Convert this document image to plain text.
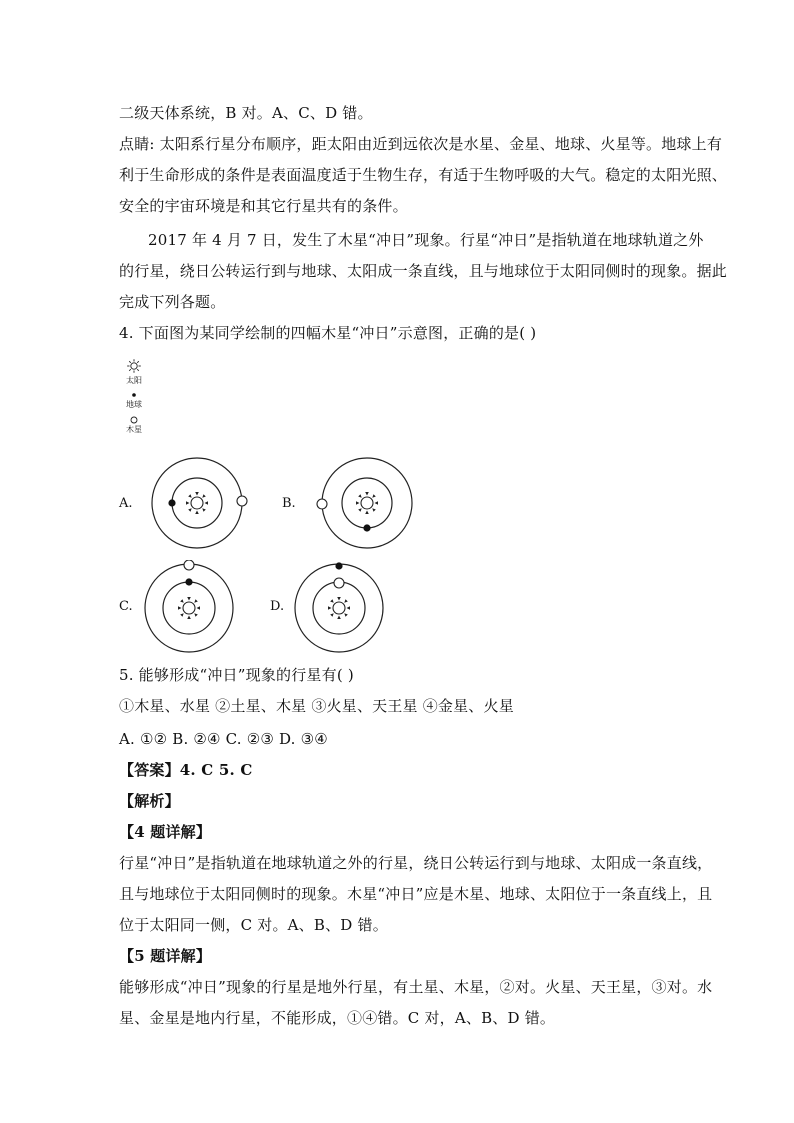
二级天体系统，B 对。A、C、D 错。
点睛: 太阳系行星分布顺序，距太阳由近到远依次是水星、金星、地球、火星等。地球上有
利于生命形成的条件是表面温度适于生物生存，有适于生物呼吸的大气。稳定的太阳光照、
安全的宇宙环境是和其它行星共有的条件。
2017 年 4 月 7 日，发生了木星“冲日”现象。行星“冲日”是指轨道在地球轨道之外
的行星，绕日公转运行到与地球、太阳成一条直线，且与地球位于太阳同侧时的现象。据此
完成下列各题。
4. 下面图为某同学绘制的四幅木星“冲日”示意图，正确的是( )
太阳
地球
木星
A.	B.
C.	D.
5. 能够形成“冲日”现象的行星有( )
①木星、水星 ②土星、木星 ③火星、天王星 ④金星、火星
A. ①② B. ②④ C. ②③ D. ③④
【答案】4. C 5. C
【解析】
【4 题详解】
行星“冲日”是指轨道在地球轨道之外的行星，绕日公转运行到与地球、太阳成一条直线，
且与地球位于太阳同侧时的现象。木星“冲日”应是木星、地球、太阳位于一条直线上，且
位于太阳同一侧，C 对。A、B、D 错。
【5 题详解】
能够形成“冲日”现象的行星是地外行星，有土星、木星，②对。火星、天王星，③对。水
星、金星是地内行星，不能形成，①④错。C 对，A、B、D 错。
